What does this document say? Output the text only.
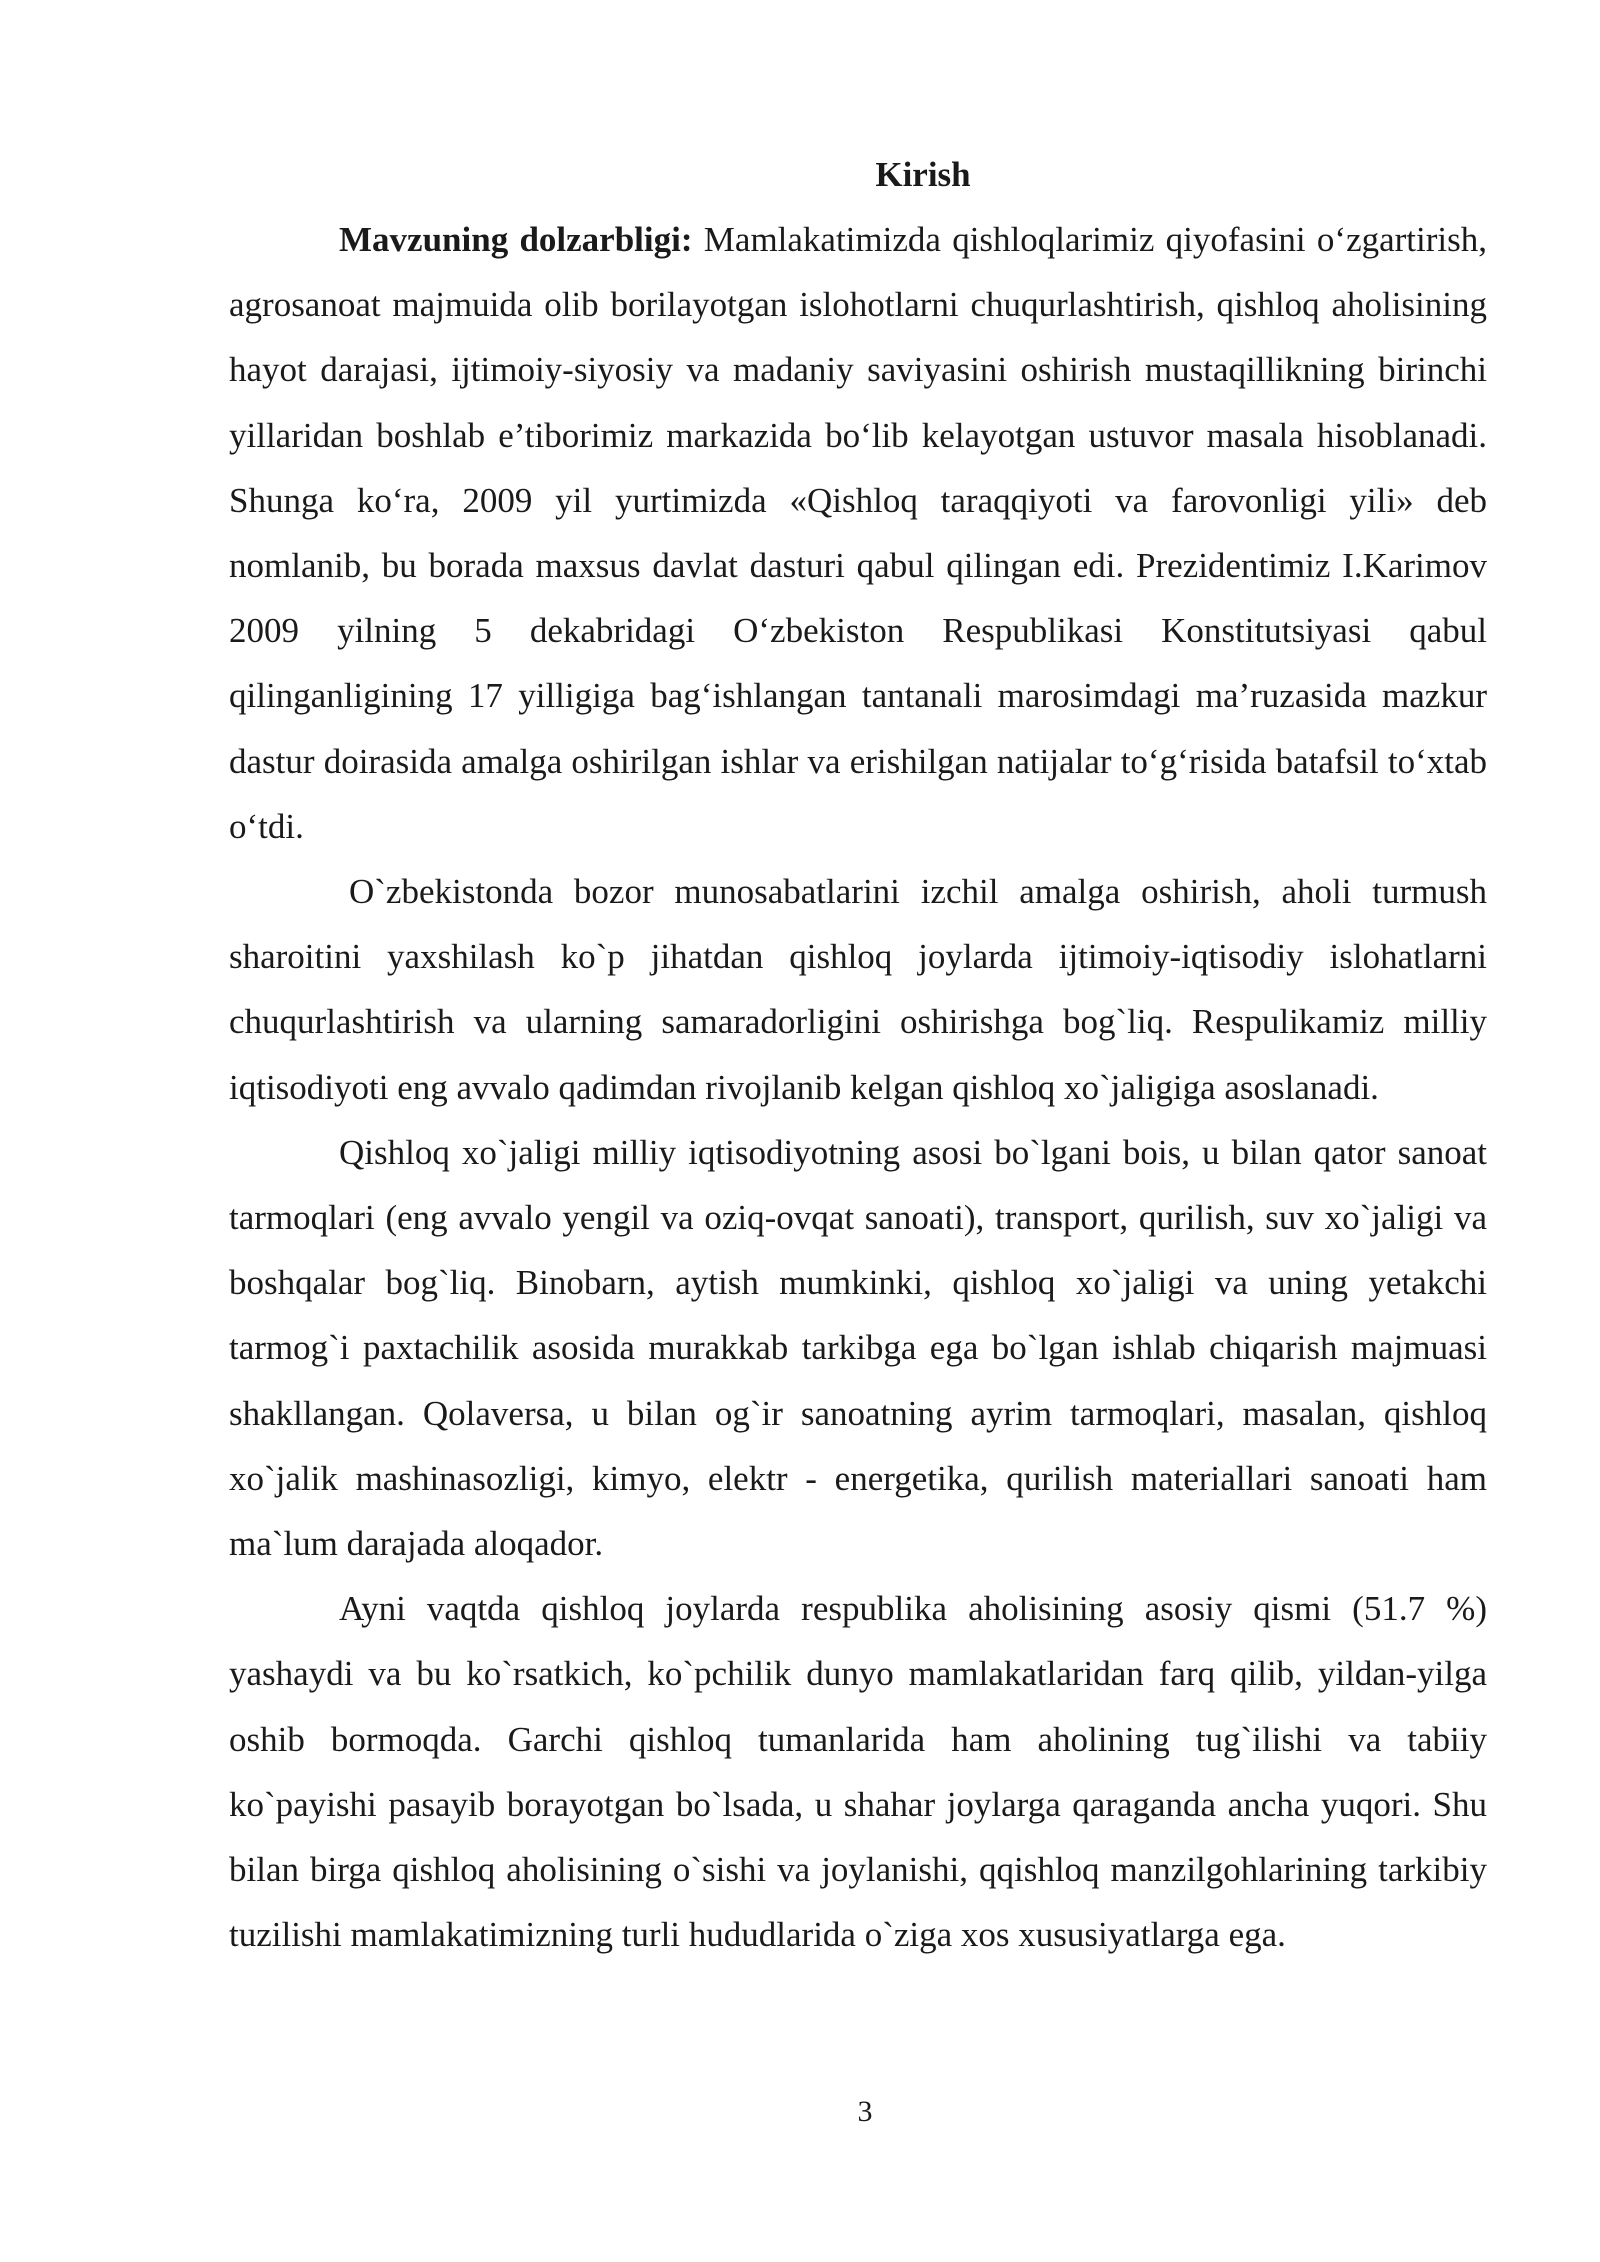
Kirish

Mavzuning dolzarbligi: Mamlakatimizda qishloqlarimiz qiyofasini o‘zgartirish, agrosanoat majmuida olib borilayotgan islohotlarni chuqurlashtirish, qishloq aholisining hayot darajasi, ijtimoiy-siyosiy va madaniy saviyasini oshirish mustaqillikning birinchi yillaridan boshlab e’tiborimiz markazida bo‘lib kelayotgan ustuvor masala hisoblanadi. Shunga ko‘ra, 2009 yil yurtimizda «Qishloq taraqqiyoti va farovonligi yili» deb nomlanib, bu borada maxsus davlat dasturi qabul qilingan edi. Prezidentimiz I.Karimov 2009 yilning 5 dekabridagi O‘zbekiston Respublikasi Konstitutsiyasi qabul qilinganligining 17 yilligiga bag‘ishlangan tantanali marosimdagi ma’ruzasida mazkur dastur doirasida amalga oshirilgan ishlar va erishilgan natijalar to‘g‘risida batafsil to‘xtab o‘tdi.

O`zbekistonda bozor munosabatlarini izchil amalga oshirish, aholi turmush sharoitini yaxshilash ko`p jihatdan qishloq joylarda ijtimoiy-iqtisodiy islohatlarni chuqurlashtirish va ularning samaradorligini oshirishga bog`liq. Respulikamiz milliy iqtisodiyoti eng avvalo qadimdan rivojlanib kelgan qishloq xo`jaligiga asoslanadi.

Qishloq xo`jaligi milliy iqtisodiyotning asosi bo`lgani bois, u bilan qator sanoat tarmoqlari (eng avvalo yengil va oziq-ovqat sanoati), transport, qurilish, suv xo`jaligi va boshqalar bog`liq. Binobarn, aytish mumkinki, qishloq xo`jaligi va uning yetakchi tarmog`i paxtachilik asosida murakkab tarkibga ega bo`lgan ishlab chiqarish majmuasi shakllangan. Qolaversa, u bilan og`ir sanoatning ayrim tarmoqlari, masalan, qishloq xo`jalik mashinasozligi, kimyo, elektr - energetika, qurilish materiallari sanoati ham ma`lum darajada aloqador.

Ayni vaqtda qishloq joylarda respublika aholisining asosiy qismi (51.7 %) yashaydi va bu ko`rsatkich, ko`pchilik dunyo mamlakatlaridan farq qilib, yildan-yilga oshib bormoqda. Garchi qishloq tumanlarida ham aholining tug`ilishi va tabiiy ko`payishi pasayib borayotgan bo`lsada, u shahar joylarga qaraganda ancha yuqori. Shu bilan birga qishloq aholisining o`sishi va joylanishi, qqishloq manzilgohlarining tarkibiy tuzilishi mamlakatimizning turli hududlarida o`ziga xos xususiyatlarga ega.

3
